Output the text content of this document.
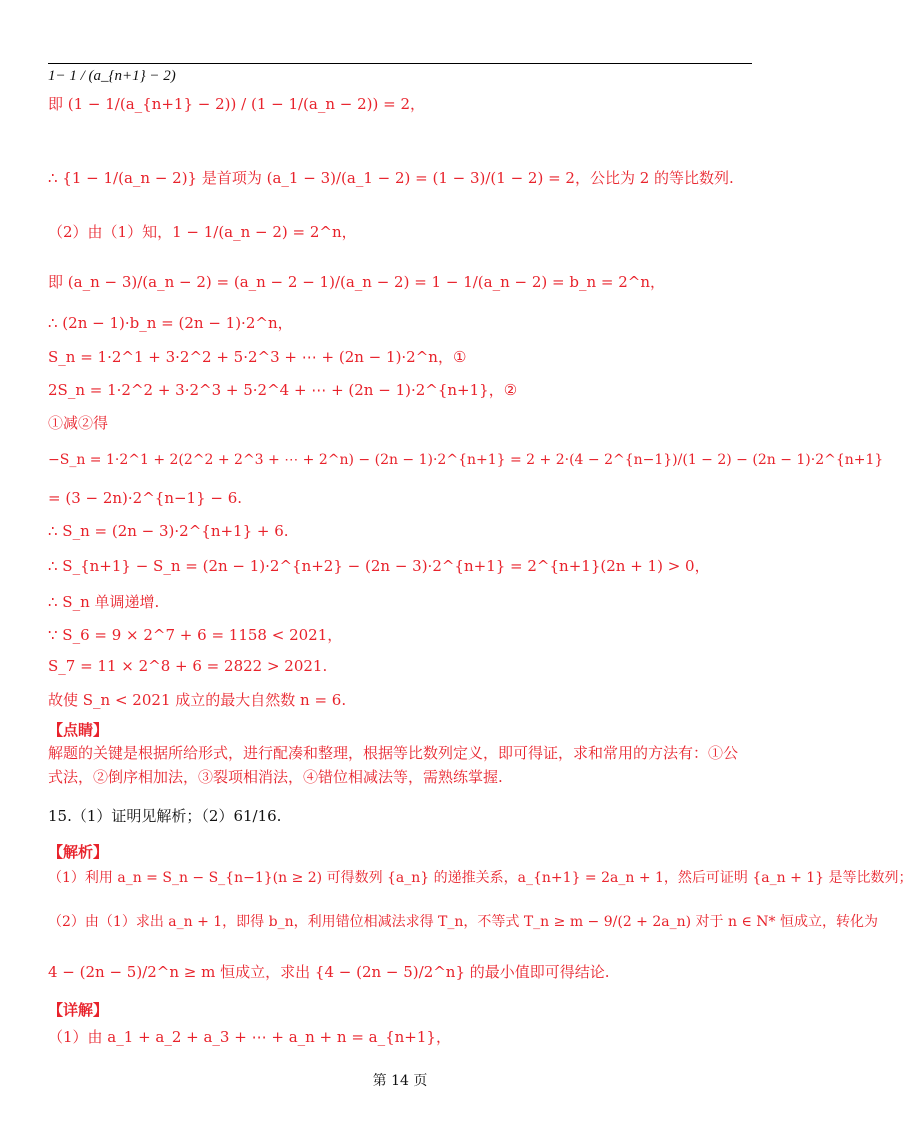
1− 1 / (a_{n+1} − 2)
即 (1 − 1/(a_{n+1} − 2)) / (1 − 1/(a_n − 2)) = 2，
∴ {1 − 1/(a_n − 2)} 是首项为 (a_1 − 3)/(a_1 − 2) = (1 − 3)/(1 − 2) = 2，公比为 2 的等比数列.
（2）由（1）知，1 − 1/(a_n − 2) = 2^n，
即 (a_n − 3)/(a_n − 2) = (a_n − 2 − 1)/(a_n − 2) = 1 − 1/(a_n − 2) = b_n = 2^n，
∴ (2n − 1)·b_n = (2n − 1)·2^n，
S_n = 1·2^1 + 3·2^2 + 5·2^3 + ⋯ + (2n − 1)·2^n，①
2S_n = 1·2^2 + 3·2^3 + 5·2^4 + ⋯ + (2n − 1)·2^{n+1}，②
①减②得
−S_n = 1·2^1 + 2(2^2 + 2^3 + ⋯ + 2^n) − (2n − 1)·2^{n+1} = 2 + 2·(4 − 2^{n−1})/(1 − 2) − (2n − 1)·2^{n+1}
= (3 − 2n)·2^{n−1} − 6.
∴ S_n = (2n − 3)·2^{n+1} + 6.
∴ S_{n+1} − S_n = (2n − 1)·2^{n+2} − (2n − 3)·2^{n+1} = 2^{n+1}(2n + 1) > 0，
∴ S_n 单调递增.
∵ S_6 = 9 × 2^7 + 6 = 1158 < 2021，
S_7 = 11 × 2^8 + 6 = 2822 > 2021.
故使 S_n < 2021 成立的最大自然数 n = 6.
【点睛】
解题的关键是根据所给形式，进行配凑和整理，根据等比数列定义，即可得证，求和常用的方法有：①公式法，②倒序相加法，③裂项相消法，④错位相减法等，需熟练掌握.
15.（1）证明见解析；（2）61/16.
【解析】
（1）利用 a_n = S_n − S_{n−1}(n ≥ 2) 可得数列 {a_n} 的递推关系，a_{n+1} = 2a_n + 1，然后可证明 {a_n + 1} 是等比数列；
（2）由（1）求出 a_n + 1，即得 b_n，利用错位相减法求得 T_n，不等式 T_n ≥ m − 9/(2 + 2a_n) 对于 n ∈ N* 恒成立，转化为
4 − (2n − 5)/2^n ≥ m 恒成立，求出 {4 − (2n − 5)/2^n} 的最小值即可得结论.
【详解】
（1）由 a_1 + a_2 + a_3 + ⋯ + a_n + n = a_{n+1}，
第 14 页
